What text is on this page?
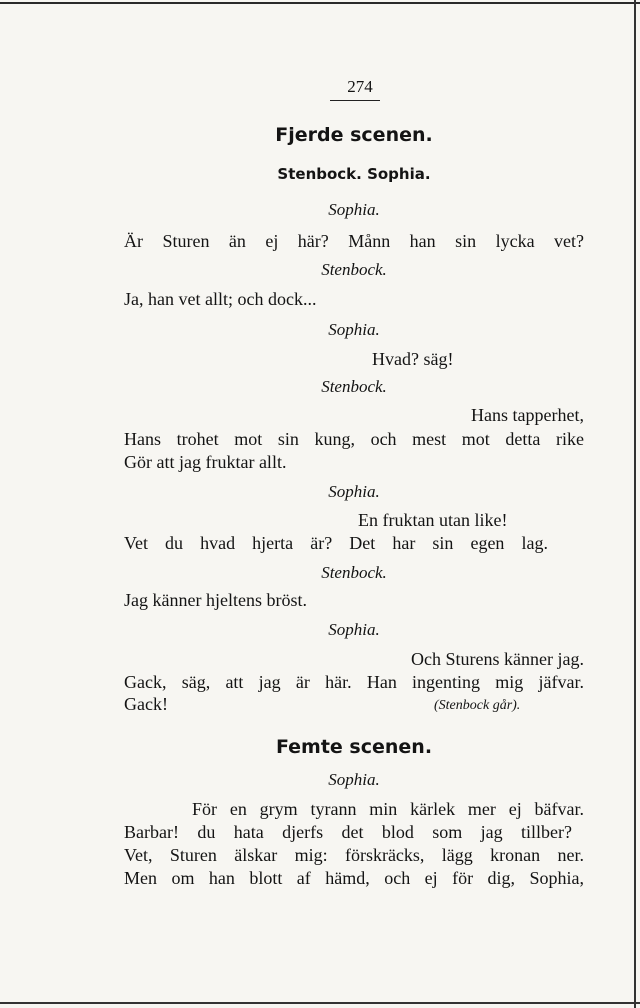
274
Fjerde scenen.
Stenbock. Sophia.
Sophia.
Är Sturen än ej här? Månn han sin lycka vet?
Stenbock.
Ja, han vet allt; och dock...
Sophia.
Hvad? säg!
Stenbock.
Hans tapperhet,
Hans trohet mot sin kung, och mest mot detta rike
Gör att jag fruktar allt.
Sophia.
En fruktan utan like!
Vet du hvad hjerta är? Det har sin egen lag.
Stenbock.
Jag känner hjeltens bröst.
Sophia.
Och Sturens känner jag.
Gack, säg, att jag är här. Han ingenting mig jäfvar.
Gack!	(Stenbock går).
Femte scenen.
Sophia.
För en grym tyrann min kärlek mer ej bäfvar.
Barbar! du hata djerfs det blod som jag tillber?
Vet, Sturen älskar mig: förskräcks, lägg kronan ner.
Men om han blott af hämd, och ej för dig, Sophia,
